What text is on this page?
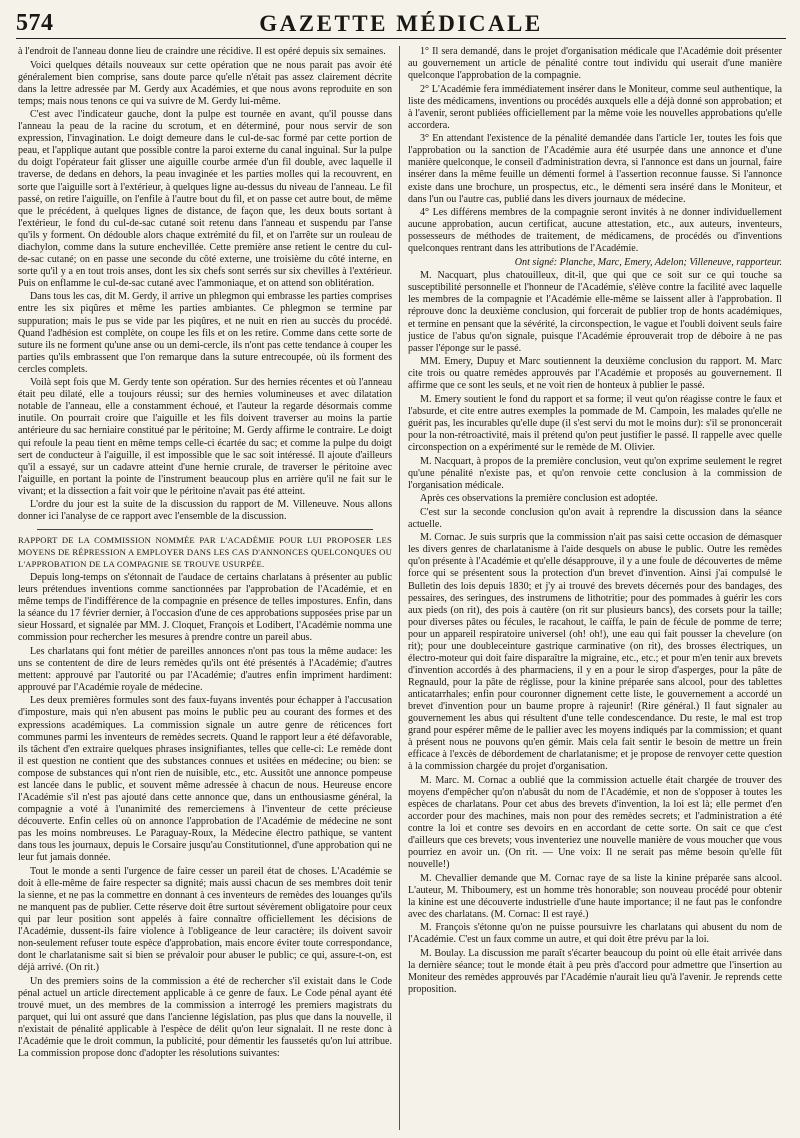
574	GAZETTE MÉDICALE

à l'endroit de l'anneau donne lieu de craindre une récidive. Il est opéré depuis six semaines.

Voici quelques détails nouveaux sur cette opération que ne nous parait pas avoir été généralement bien comprise, sans doute parce qu'elle n'était pas assez clairement décrite dans la lettre adressée par M. Gerdy aux Académies, et que nous avons reproduite en son temps; mais nous tenons ce qui va suivre de M. Gerdy lui-même.

C'est avec l'indicateur gauche, dont la pulpe est tournée en avant, qu'il pousse dans l'anneau la peau de la racine du scrotum, et en déterminé, pour nous servir de son expression, l'invagination. Le doigt demeure dans le cul-de-sac formé par cette portion de peau, et l'applique autant que possible contre la paroi externe du canal inguinal. Sur la pulpe du doigt l'opérateur fait glisser une aiguille courbe armée d'un fil double, avec laquelle il traverse, de dedans en dehors, la peau invaginée et les parties molles qui la recouvrent, en sorte que l'aiguille sort à l'extérieur, à quelques ligne au-dessus du niveau de l'anneau. Le fil passé, on retire l'aiguille, on l'enfile à l'autre bout du fil, et on passe cet autre bout, de même que le précédent, à quelques lignes de distance, de façon que, les deux bouts sortant à l'extérieur, le fond du cul-de-sac cutané soit retenu dans l'anneau et suspendu par l'anse qu'ils y forment. On dédouble alors chaque extrémité du fil, et on l'arrête sur un rouleau de diachylon, comme dans la suture enchevillée. Cette première anse retient le centre du cul-de-sac cutané; on en passe une seconde du côté externe, une troisième du côté interne, en sorte qu'il y a en tout trois anses, dont les six chefs sont serrés sur six chevilles à l'extérieur. Puis on enflamme le cul-de-sac cutané avec l'ammoniaque, et on attend son oblitération.

Dans tous les cas, dit M. Gerdy, il arrive un phlegmon qui embrasse les parties comprises entre les six piqûres et même les parties ambiantes. Ce phlegmon se termine par suppuration; mais le pus se vide par les piqûres, et ne nuit en rien au succès du procédé. Quand l'adhésion est complète, on coupe les fils et on les retire. Comme dans cette sorte de suture ils ne forment qu'une anse ou un demi-cercle, ils n'ont pas cette tendance à couper les parties qu'ils embrassent que l'on remarque dans la suture entrecoupée, où ils forment des cercles complets.

Voilà sept fois que M. Gerdy tente son opération. Sur des hernies récentes et où l'anneau était peu dilaté, elle a toujours réussi; sur des hernies volumineuses et avec dilatation notable de l'anneau, elle a constamment échoué, et l'auteur la regarde désormais comme inutile. On pourrait croire que l'aiguille et les fils doivent traverser au moins la partie antérieure du sac herniaire constitué par le péritoine; M. Gerdy affirme le contraire. Le doigt qui refoule la peau tient en même temps celle-ci écartée du sac; et comme la pulpe du doigt sert de conducteur à l'aiguille, il est impossible que le sac soit intéressé. Il ajoute d'ailleurs qu'il a essayé, sur un cadavre atteint d'une hernie crurale, de traverser le péritoine avec l'aiguille, en portant la pointe de l'instrument beaucoup plus en arrière qu'il ne fait sur le vivant; et la dissection a fait voir que le péritoine n'avait pas été atteint.

L'ordre du jour est la suite de la discussion du rapport de M. Villeneuve. Nous allons donner ici l'analyse de ce rapport avec l'ensemble de la discussion.

RAPPORT DE LA COMMISSION NOMMÉE PAR L'ACADÉMIE POUR LUI PROPOSER LES MOYENS DE RÉPRESSION A EMPLOYER DANS LES CAS D'ANNONCES QUELCONQUES OU L'APPROBATION DE LA COMPAGNIE SE TROUVE USURPÉE.

Depuis long-temps on s'étonnait de l'audace de certains charlatans à présenter au public leurs prétendues inventions comme sanctionnées par l'approbation de l'Académie, et en même temps de l'indifférence de la compagnie en présence de telles impostures. Enfin, dans la séance du 17 février dernier, à l'occasion d'une de ces approbations supposées prise par un sieur Hossard, et signalée par MM. J. Cloquet, François et Lodibert, l'Académie nomma une commission pour rechercher les mesures à prendre contre un pareil abus.

Les charlatans qui font métier de pareilles annonces n'ont pas tous la même audace: les uns se contentent de dire de leurs remèdes qu'ils ont été présentés à l'Académie; d'autres mettent: approuvé par l'autorité ou par l'Académie; d'autres enfin impriment hardiment: approuvé par l'Académie royale de médecine.

Les deux premières formules sont des faux-fuyans inventés pour échapper à l'accusation d'imposture, mais qui n'en abusent pas moins le public peu au courant des formes et des expressions académiques. La commission signale un autre genre de réticences fort communes parmi les inventeurs de remèdes secrets. Quand le rapport leur a été défavorable, ils tâchent d'en extraire quelques phrases insignifiantes, telles que celle-ci: Le remède dont il est question ne contient que des substances connues et usitées en médecine; ou bien: se compose de substances qui n'ont rien de nuisible, etc., etc. Aussitôt une annonce pompeuse est lancée dans le public, et souvent même adressée à chacun de nous. Heureuse encore l'Académie s'il n'est pas ajouté dans cette annonce que, dans un enthousiasme général, la compagnie a voté à l'unanimité des remerciemens à l'inventeur de cette précieuse découverte. Enfin celles où on annonce l'approbation de l'Académie de médecine ne sont pas les moins nombreuses. Le Paraguay-Roux, la Médecine électro pathique, se vantent dans tous les journaux, depuis le Corsaire jusqu'au Constitutionnel, d'une approbation qui ne leur fut jamais donnée.

Tout le monde a senti l'urgence de faire cesser un pareil état de choses. L'Académie se doit à elle-même de faire respecter sa dignité; mais aussi chacun de ses membres doit tenir la sienne, et ne pas la commettre en donnant à ces inventeurs de remèdes des louanges qu'ils ne manquent pas de publier. Cette réserve doit être surtout sévèrement obligatoire pour ceux qui par leur position sont appelés à faire connaître officiellement les décisions de l'Académie, dussent-ils faire violence à l'obligeance de leur caractère; ils doivent savoir non-seulement refuser toute espèce d'approbation, mais encore éviter toute correspondance, dont le charlatanisme sait si bien se prévaloir pour abuser le public; ce qui, assure-t-on, est déjà arrivé. (On rit.)

Un des premiers soins de la commission a été de rechercher s'il existait dans le Code pénal actuel un article directement applicable à ce genre de faux. Le Code pénal ayant été trouvé muet, un des membres de la commission a interrogé les premiers magistrats du parquet, qui lui ont assuré que dans l'ancienne législation, pas plus que dans la nouvelle, il n'existait de pénalité applicable à l'espèce de délit qu'on leur signalait. Il ne reste donc à l'Académie que le droit commun, la publicité, pour démentir les faussetés qu'on lui attribue. La commission propose donc d'adopter les résolutions suivantes:

1° Il sera demandé, dans le projet d'organisation médicale que l'Académie doit présenter au gouvernement un article de pénalité contre tout individu qui userait d'une manière quelconque l'approbation de la compagnie.

2° L'Académie fera immédiatement insérer dans le Moniteur, comme seul authentique, la liste des médicamens, inventions ou procédés auxquels elle a déjà donné son approbation; et à l'avenir, seront publiées officiellement par la même voie les nouvelles approbations qu'elle accordera.

3° En attendant l'existence de la pénalité demandée dans l'article 1er, toutes les fois que l'approbation ou la sanction de l'Académie aura été usurpée dans une annonce et d'une manière quelconque, le conseil d'administration devra, si l'annonce est dans un journal, faire insérer dans la même feuille un démenti formel à l'assertion reconnue fausse. Si l'annonce existe dans une brochure, un prospectus, etc., le démenti sera inséré dans le Moniteur, et dans l'un ou l'autre cas, publié dans les divers journaux de médecine.

4° Les différens membres de la compagnie seront invités à ne donner individuellement aucune approbation, aucun certificat, aucune attestation, etc., aux auteurs, inventeurs, possesseurs de méthodes de traitement, de médicamens, de procédés ou d'inventions quelconques rentrant dans les attributions de l'Académie.

Ont signé: Planche, Marc, Emery, Adelon; Villeneuve, rapporteur.

M. Nacquart, plus chatouilleux, dit-il, que qui que ce soit sur ce qui touche sa susceptibilité personnelle et l'honneur de l'Académie, s'élève contre la facilité avec laquelle les membres de la compagnie et l'Académie elle-même se laissent aller à l'approbation. Il réprouve donc la deuxième conclusion, qui forcerait de publier trop de honts académiques, et termine en pensant que la sévérité, la circonspection, le vague et l'oubli doivent seuls faire justice de l'abus qu'on signale, puisque l'Académie éprouverait trop de déboire à ne pas passer l'éponge sur le passé.

MM. Emery, Dupuy et Marc soutiennent la deuxième conclusion du rapport. M. Marc cite trois ou quatre remèdes approuvés par l'Académie et proposés au gouvernement. Il affirme que ce sont les seuls, et ne voit rien de honteux à publier le passé.

M. Emery soutient le fond du rapport et sa forme; il veut qu'on réagisse contre le faux et l'absurde, et cite entre autres exemples la pommade de M. Campoin, les malades qu'elle ne guérit pas, les incurables qu'elle dupe (il s'est servi du mot le moins dur): s'il se prononcerait pour la non-rétroactivité, mais il prétend qu'on peut justifier le passé. Il rappelle avec quelle circonspection on a expérimenté sur le remède de M. Olivier.

M. Nacquart, à propos de la première conclusion, veut qu'on exprime seulement le regret qu'une pénalité n'existe pas, et qu'on renvoie cette conclusion à la commission de l'organisation médicale.

Après ces observations la première conclusion est adoptée.

C'est sur la seconde conclusion qu'on avait à reprendre la discussion dans la séance actuelle.

M. Cornac. Je suis surpris que la commission n'ait pas saisi cette occasion de démasquer les divers genres de charlatanisme à l'aide desquels on abuse le public. Outre les remèdes qu'on présente à l'Académie et qu'elle désapprouve, il y a une foule de découvertes de même force qui se présentent sous la protection d'un brevet d'invention. Ainsi j'ai compulsé le Bulletin des lois depuis 1830; et j'y ai trouvé des brevets décernés pour des bandages, des pessaires, des seringues, des instrumens de lithotritie; pour des pommades à guérir les cors aux pieds (on rit), des pois à cautère (on rit sur plusieurs bancs), des corsets pour la taille; pour diverses pâtes ou fécules, le racahout, le caïffa, le pain de fécule de pomme de terre; pour un appareil respiratoire universel (oh! oh!), une eau qui fait pousser la chevelure (on rit); pour une doubleceinture gastrique carminative (on rit), des brosses électriques, un électro-moteur qui doit faire disparaître la migraine, etc., etc.; et pour m'en tenir aux brevets d'invention accordés à des pharmaciens, il y en a pour le sirop d'asperges, pour la pâte de Regnauld, pour la pâte de réglisse, pour la kinine préparée sans alcool, pour des tablettes anticatarrhales; enfin pour couronner dignement cette liste, le gouvernement a accordé un brevet d'invention pour un baume propre à rajeunir! (Rire général.) Il faut signaler au gouvernement les abus qui résultent d'une telle condescendance. Du reste, le mal est trop grand pour espérer même de le pallier avec les moyens indiqués par la commission; et quant à présent nous ne pouvons qu'en gémir. Mais cela fait sentir le besoin de mettre un frein efficace à l'excès de débordement de charlatanisme; et je propose de renvoyer cette question à la commission chargée du projet d'organisation.

M. Marc. M. Cornac a oublié que la commission actuelle était chargée de trouver des moyens d'empêcher qu'on n'abusât du nom de l'Académie, et non de s'opposer à toutes les espèces de charlatans. Pour cet abus des brevets d'invention, la loi est là; elle permet d'en accorder pour des machines, mais non pour des remèdes secrets; et l'administration a été contre la loi et contre ses devoirs en en accordant de cette sorte. On sait ce que c'est d'ailleurs que ces brevets; vous inventeriez une nouvelle manière de vous moucher que vous pourriez en avoir un. (On rit. — Une voix: Il ne serait pas même besoin qu'elle fût nouvelle!)

M. Chevallier demande que M. Cornac raye de sa liste la kinine préparée sans alcool. L'auteur, M. Thiboumery, est un homme très honorable; son nouveau procédé pour obtenir la kinine est une découverte industrielle d'une haute importance; il ne faut pas le confondre avec des charlatans. (M. Cornac: Il est rayé.)

M. François s'étonne qu'on ne puisse poursuivre les charlatans qui abusent du nom de l'Académie. C'est un faux comme un autre, et qui doit être prévu par la loi.

M. Boulay. La discussion me paraît s'écarter beaucoup du point où elle était arrivée dans la dernière séance; tout le monde était à peu près d'accord pour admettre que l'insertion au Moniteur des remèdes approuvés par l'Académie n'aurait lieu qu'à l'avenir. Je reprends cette proposition.
